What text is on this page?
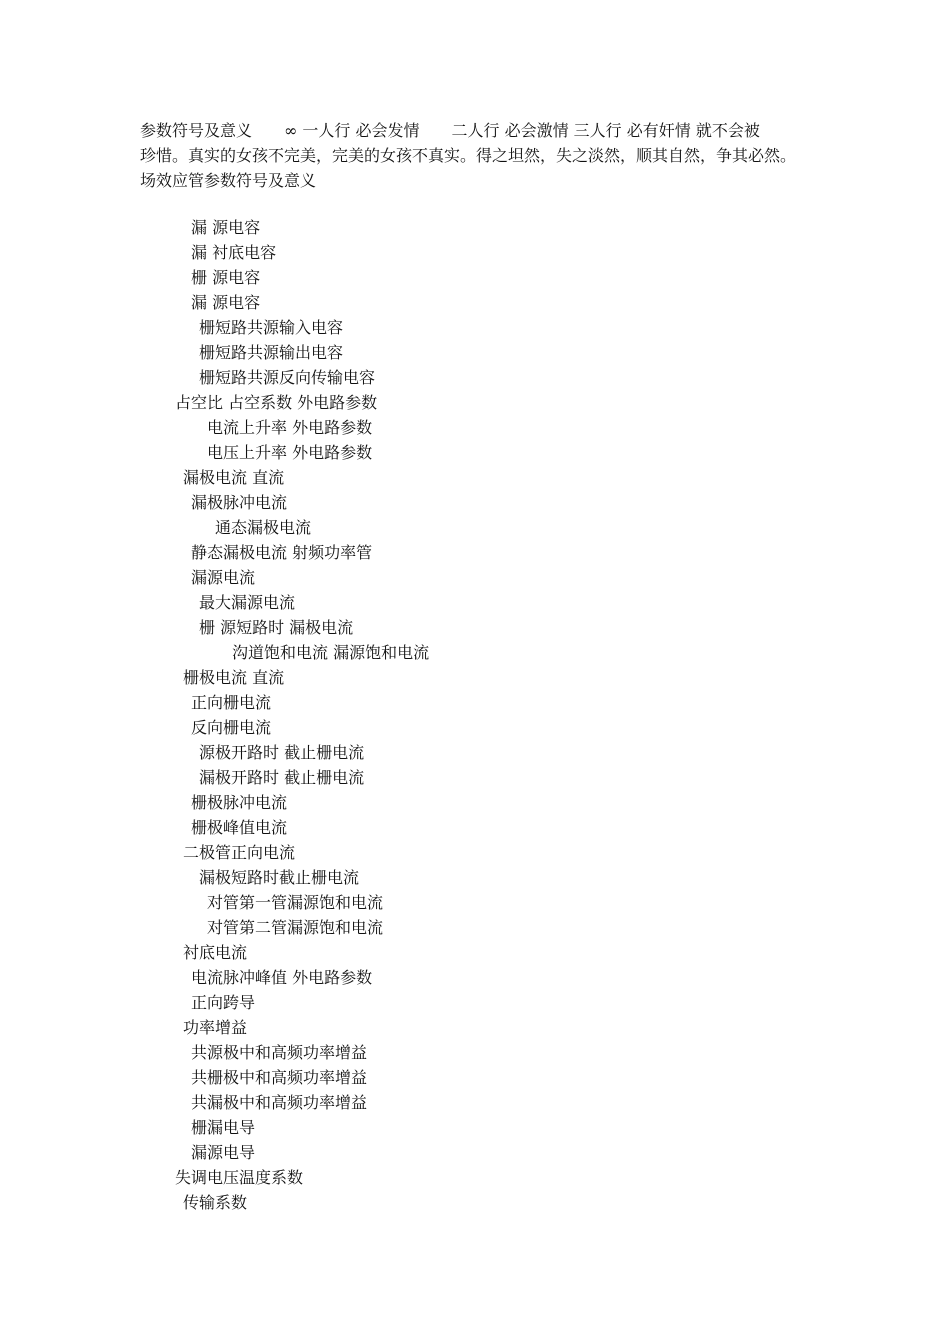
参数符号及意义　　∞ 一人行 必会发情　　二人行 必会激情 三人行 必有奸情 就不会被
珍惜。真实的女孩不完美，完美的女孩不真实。得之坦然，失之淡然，顺其自然，争其必然。
场效应管参数符号及意义
漏 源电容
漏 衬底电容
栅 源电容
漏 源电容
栅短路共源输入电容
栅短路共源输出电容
栅短路共源反向传输电容
占空比 占空系数 外电路参数
电流上升率 外电路参数
电压上升率 外电路参数
漏极电流 直流
漏极脉冲电流
通态漏极电流
静态漏极电流 射频功率管
漏源电流
最大漏源电流
栅 源短路时 漏极电流
沟道饱和电流 漏源饱和电流
栅极电流 直流
正向栅电流
反向栅电流
源极开路时 截止栅电流
漏极开路时 截止栅电流
栅极脉冲电流
栅极峰值电流
二极管正向电流
漏极短路时截止栅电流
对管第一管漏源饱和电流
对管第二管漏源饱和电流
衬底电流
电流脉冲峰值 外电路参数
正向跨导
功率增益
共源极中和高频功率增益
共栅极中和高频功率增益
共漏极中和高频功率增益
栅漏电导
漏源电导
失调电压温度系数
传输系数
